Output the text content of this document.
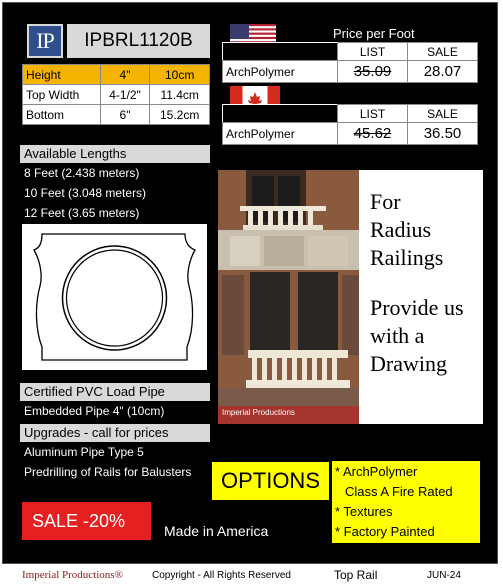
IP	IPBRL1120B
Height	4"	10cm
Top Width	4-1/2"	11.4cm
Bottom	6"	15.2cm
Price per Foot
	LIST	SALE
ArchPolymer	35.09	28.07
	LIST	SALE
ArchPolymer	45.62	36.50
Available Lengths
8 Feet (2.438 meters)
10 Feet (3.048 meters)
12 Feet (3.65 meters)
Imperial Productions
For
Radius
Railings
Provide us
with a
Drawing
Certified PVC Load Pipe
Embedded Pipe 4" (10cm)
Upgrades - call for prices
Aluminum Pipe Type 5
Predrilling of Rails for Balusters	OPTIONS	* ArchPolymer
Class A Fire Rated
* Textures
* Factory Painted
SALE -20%	Made in America
Imperial Productions®	Copyright - All Rights Reserved	Top Rail	JUN-24
